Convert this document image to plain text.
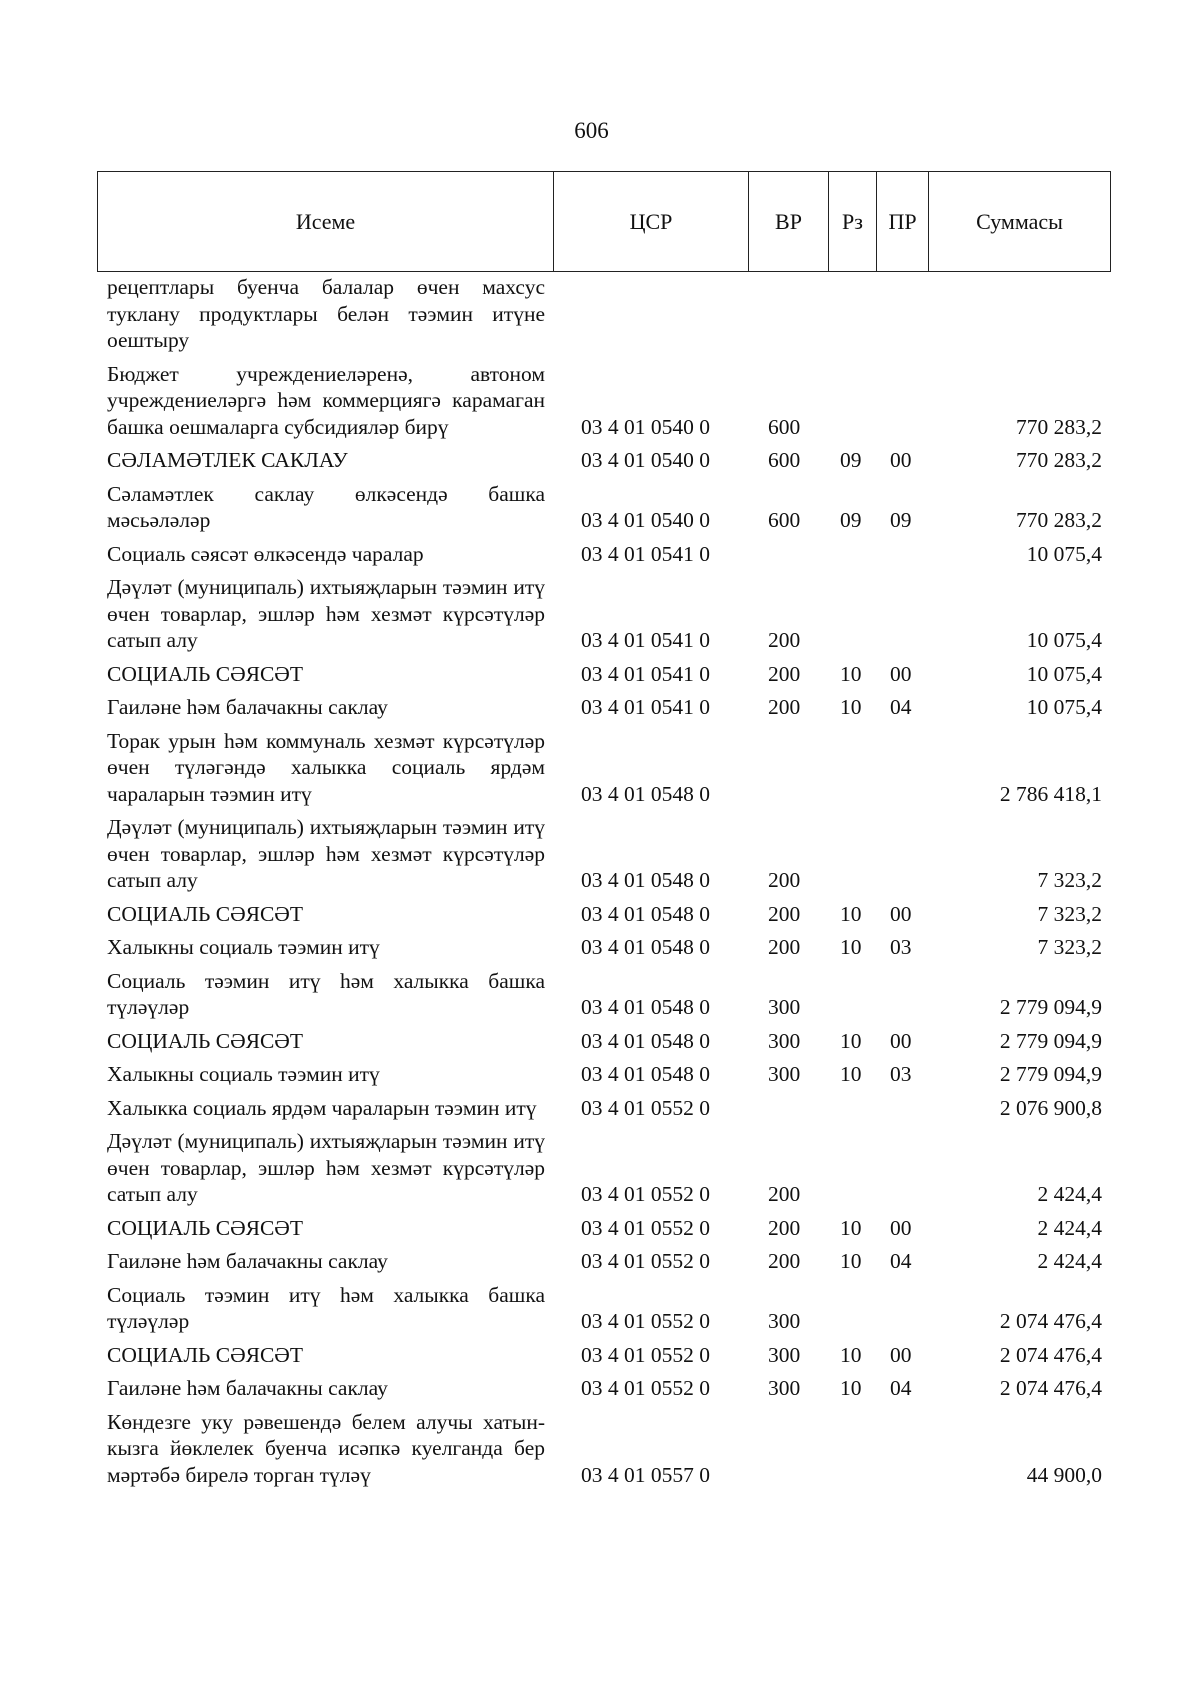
606
Исеме	ЦСР	ВР	Рз	ПР	Суммасы
рецептлары буенча балалар өчен махсус туклану продуктлары белән тәэмин итүне оештыру					

Бюджет учреждениеләренә, автоном учреждениеләргә һәм коммерциягә карамаган башка оешмаларга субсидияләр бирү	03 4 01 0540 0	600			770 283,2

СӘЛАМӘТЛЕК САКЛАУ	03 4 01 0540 0	600	09	00	770 283,2

Сәламәтлек саклау өлкәсендә башка мәсьәләләр	03 4 01 0540 0	600	09	09	770 283,2

Социаль сәясәт өлкәсендә чаралар	03 4 01 0541 0				10 075,4

Дәүләт (муниципаль) ихтыяҗларын тәэмин итү өчен товарлар, эшләр һәм хезмәт күрсәтүләр сатып алу	03 4 01 0541 0	200			10 075,4

СОЦИАЛЬ СӘЯСӘТ	03 4 01 0541 0	200	10	00	10 075,4

Гаиләне һәм балачакны саклау	03 4 01 0541 0	200	10	04	10 075,4

Торак урын һәм коммуналь хезмәт күрсәтүләр өчен түләгәндә халыкка социаль ярдәм чараларын тәэмин итү	03 4 01 0548 0				2 786 418,1

Дәүләт (муниципаль) ихтыяҗларын тәэмин итү өчен товарлар, эшләр һәм хезмәт күрсәтүләр сатып алу	03 4 01 0548 0	200			7 323,2

СОЦИАЛЬ СӘЯСӘТ	03 4 01 0548 0	200	10	00	7 323,2

Халыкны социаль тәэмин итү	03 4 01 0548 0	200	10	03	7 323,2

Социаль тәэмин итү һәм халыкка башка түләүләр	03 4 01 0548 0	300			2 779 094,9

СОЦИАЛЬ СӘЯСӘТ	03 4 01 0548 0	300	10	00	2 779 094,9

Халыкны социаль тәэмин итү	03 4 01 0548 0	300	10	03	2 779 094,9

Халыкка социаль ярдәм чараларын тәэмин итү	03 4 01 0552 0				2 076 900,8

Дәүләт (муниципаль) ихтыяҗларын тәэмин итү өчен товарлар, эшләр һәм хезмәт күрсәтүләр сатып алу	03 4 01 0552 0	200			2 424,4

СОЦИАЛЬ СӘЯСӘТ	03 4 01 0552 0	200	10	00	2 424,4

Гаиләне һәм балачакны саклау	03 4 01 0552 0	200	10	04	2 424,4

Социаль тәэмин итү һәм халыкка башка түләүләр	03 4 01 0552 0	300			2 074 476,4

СОЦИАЛЬ СӘЯСӘТ	03 4 01 0552 0	300	10	00	2 074 476,4

Гаиләне һәм балачакны саклау	03 4 01 0552 0	300	10	04	2 074 476,4

Көндезге уку рәвешендә белем алучы хатын-кызга йөклелек буенча исәпкә куелганда бер мәртәбә бирелә торган түләү	03 4 01 0557 0				44 900,0
